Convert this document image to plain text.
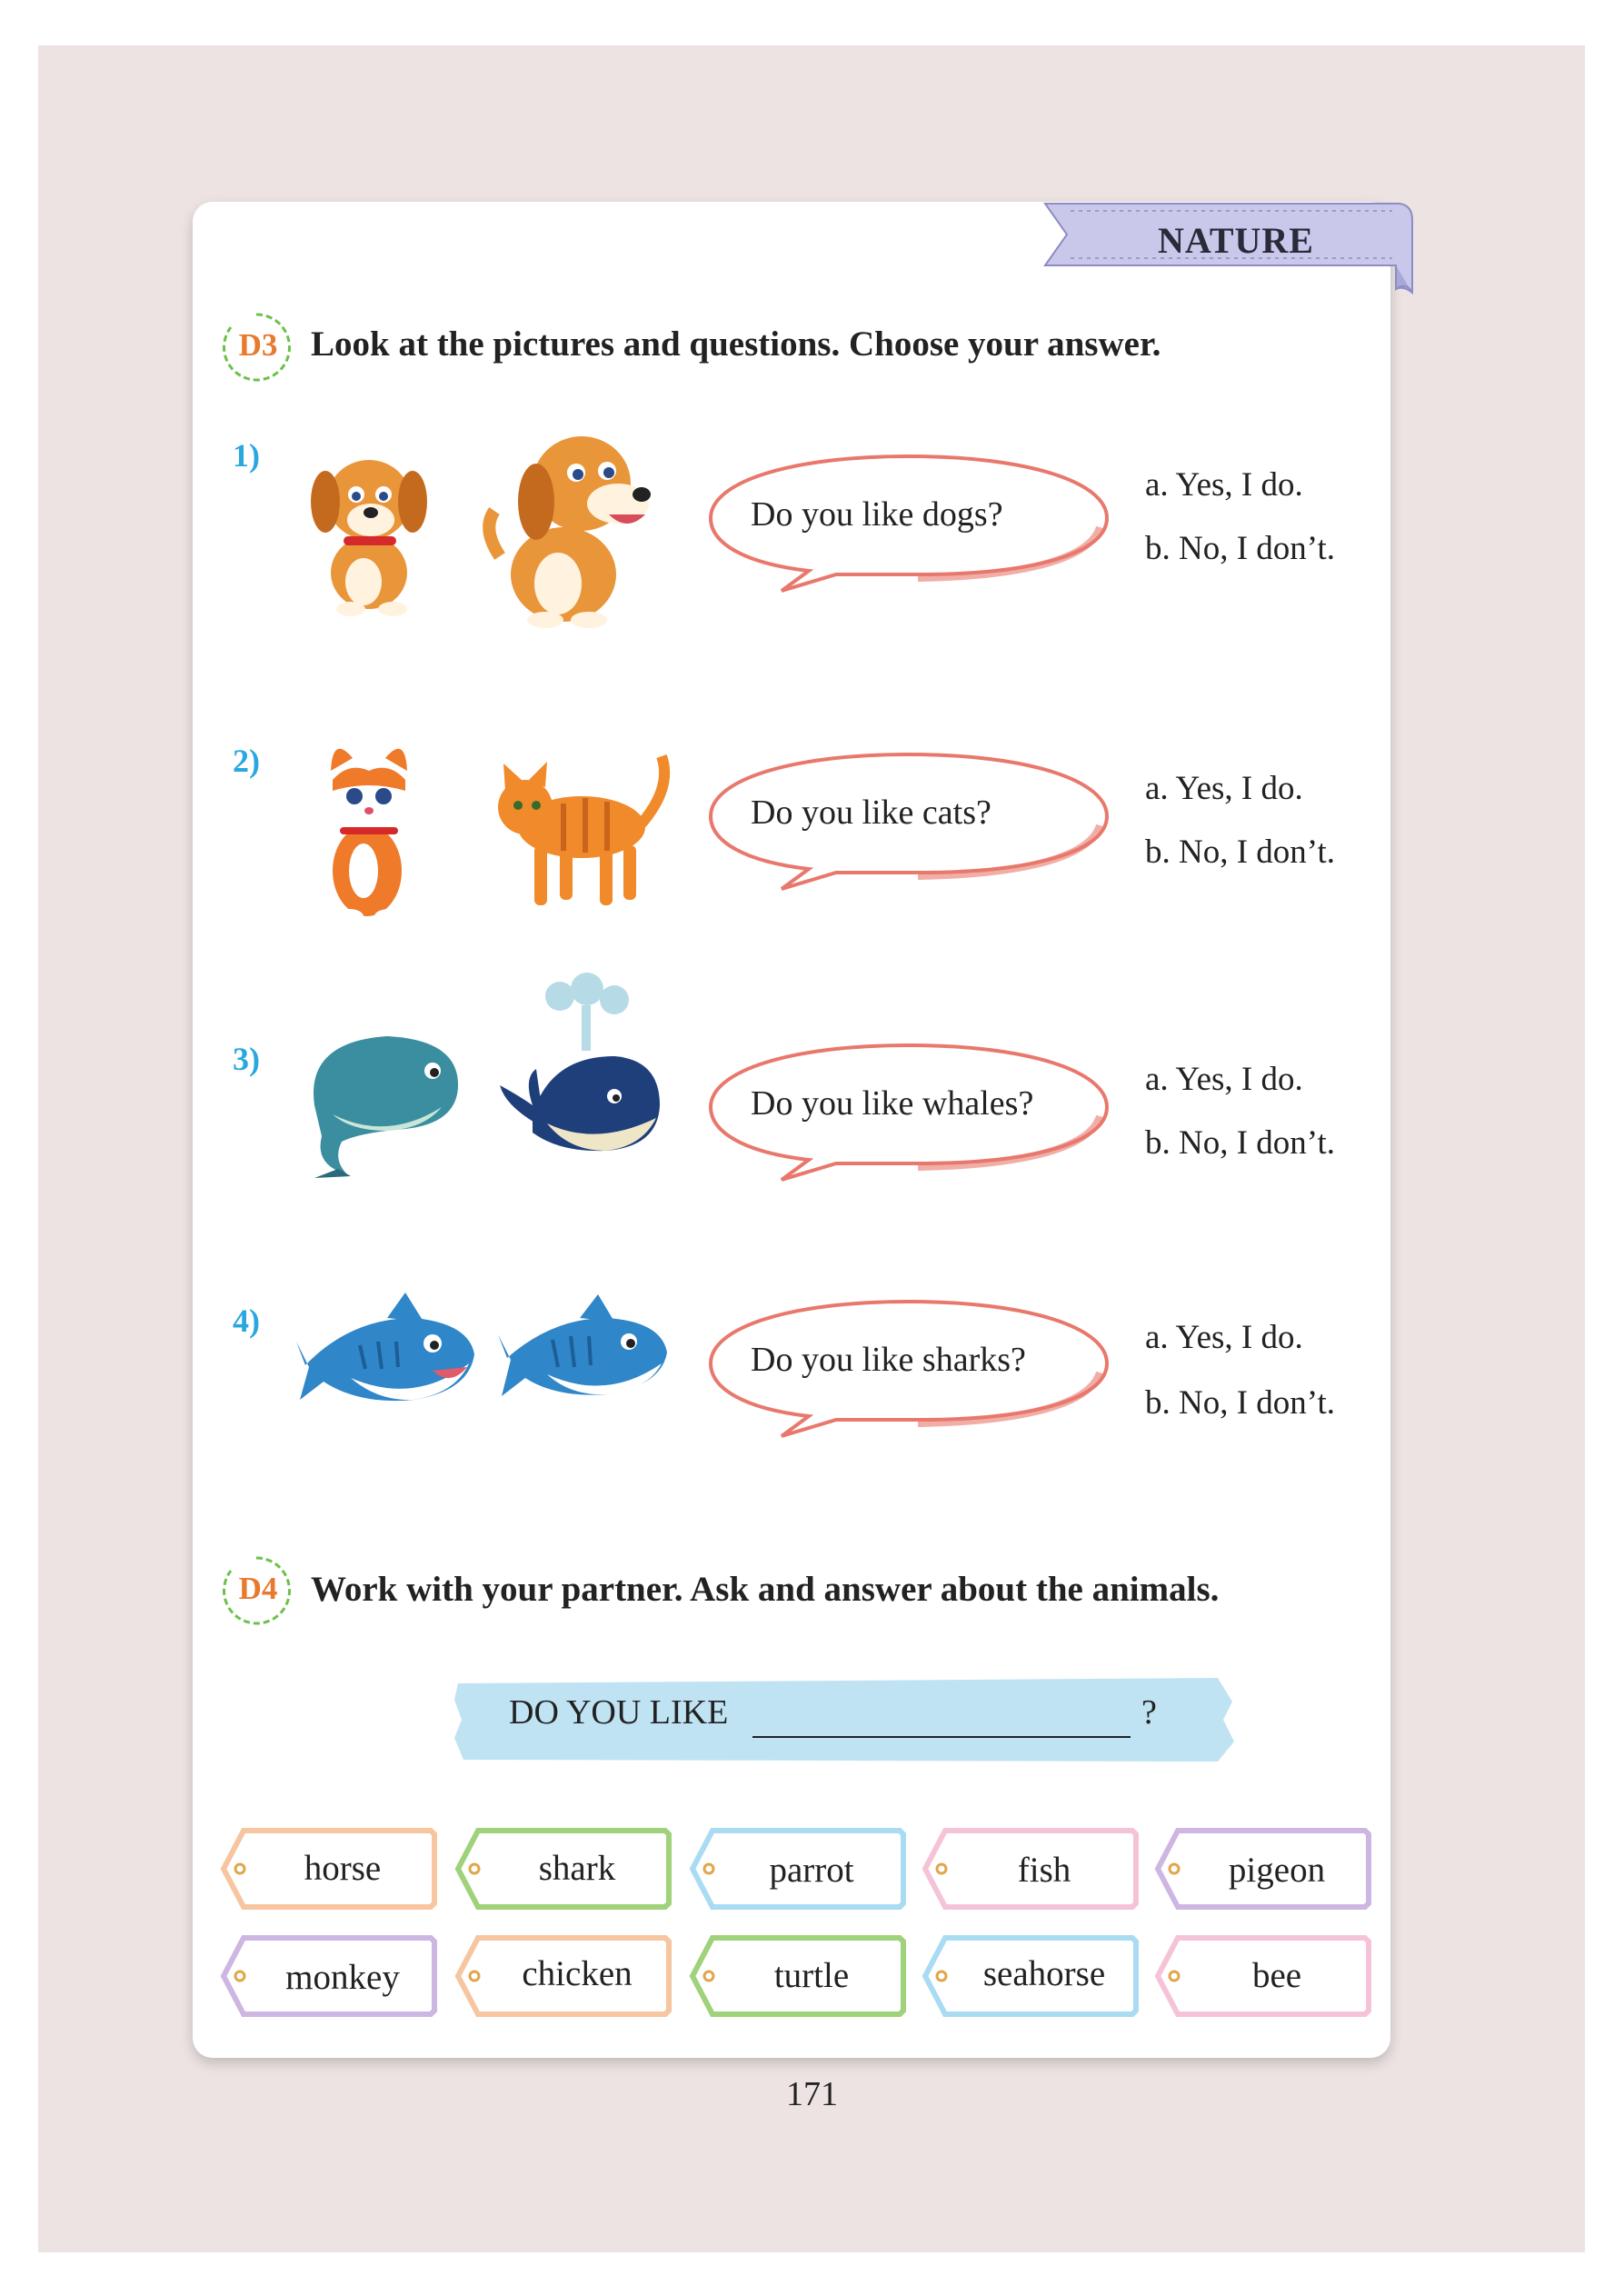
NATURE
D3 Look at the pictures and questions. Choose your answer.
1)
2)
3)
4)
Do you like dogs?
Do you like cats?
Do you like whales?
Do you like sharks?
a. Yes, I do.
b. No, I don’t.
a. Yes, I do.
b. No, I don’t.
a. Yes, I do.
b. No, I don’t.
a. Yes, I do.
b. No, I don’t.
D4 Work with your partner. Ask and answer about the animals.
DO YOU LIKE	?
horse	shark	parrot	fish	pigeon
monkey	chicken	turtle	seahorse	bee
171
